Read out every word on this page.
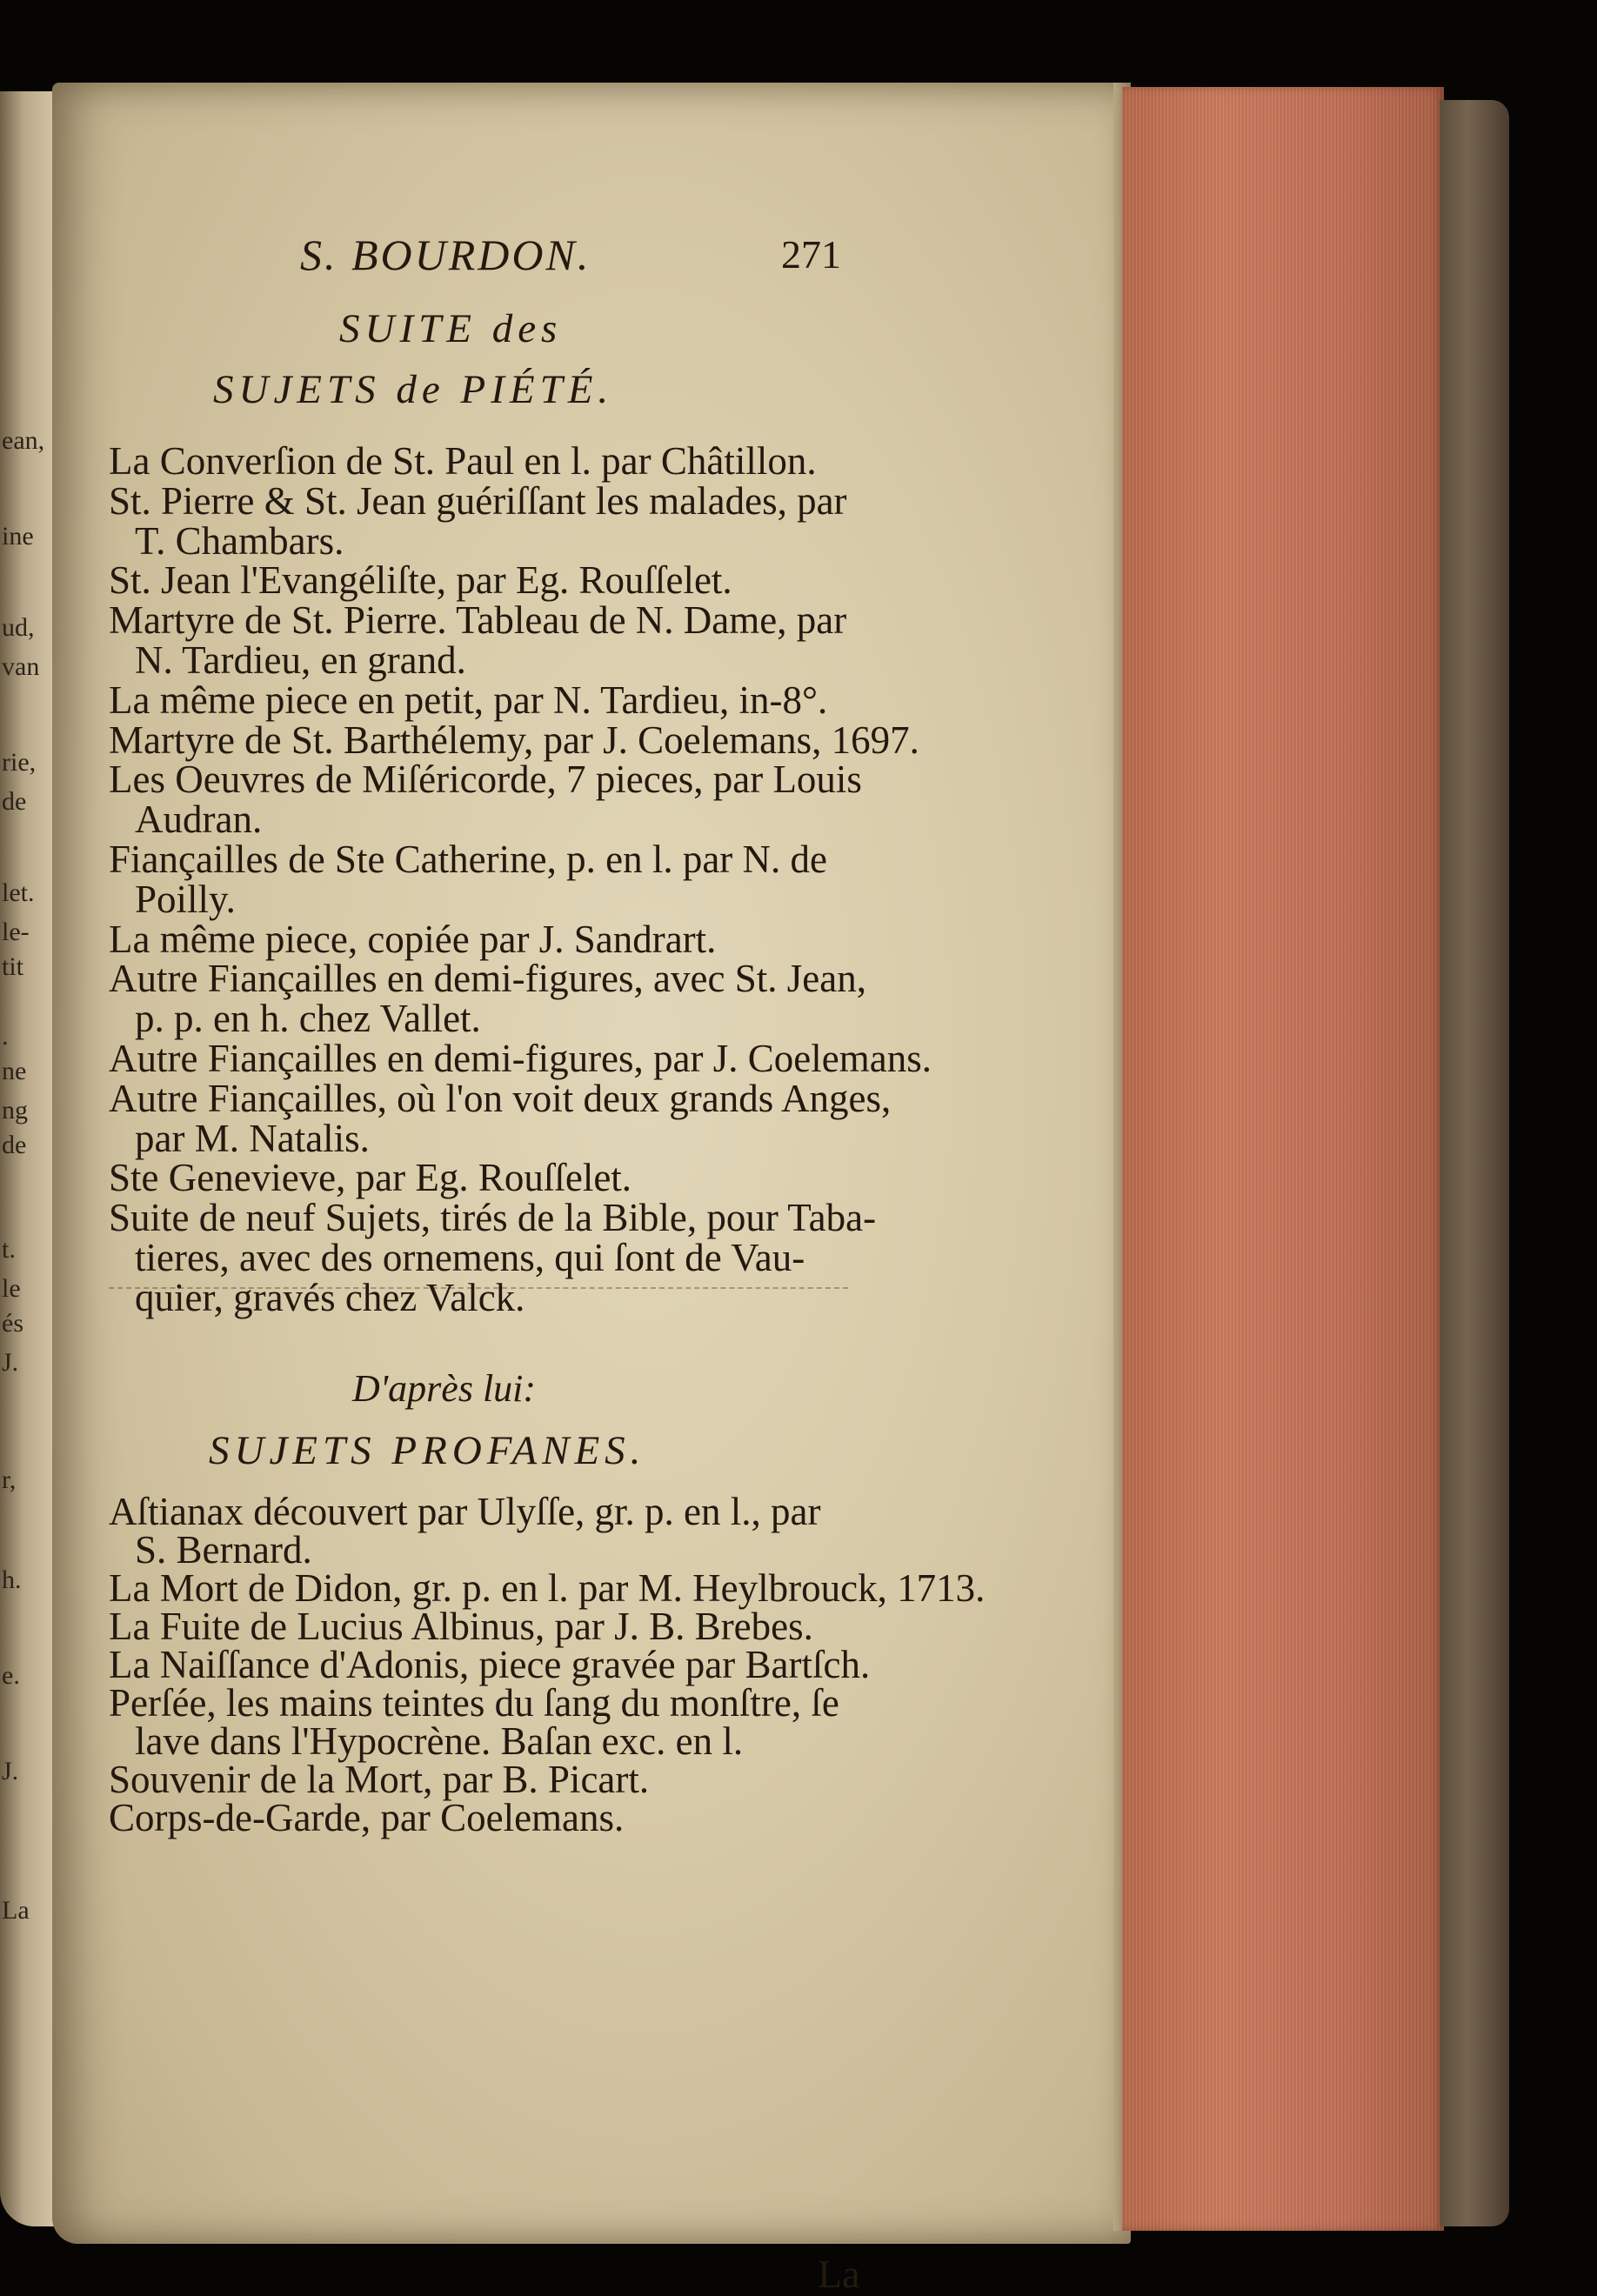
ean,
ine
ud,
van
rie,
de
let.
le-
tit
.
ne
ng
de
t.
le
és
J.
r,
h.
e.
J.
La
S. BOURDON.	271
SUITE des
SUJETS de PIÉTÉ.
D'après lui:
SUJETS PROFANES.
La
La Converſion de St. Paul en l. par Châtillon.
St. Pierre & St. Jean guériſſant les malades, par
T. Chambars.
St. Jean l'Evangéliſte, par Eg. Rouſſelet.
Martyre de St. Pierre. Tableau de N. Dame, par
N. Tardieu, en grand.
La même piece en petit, par N. Tardieu, in-8°.
Martyre de St. Barthélemy, par J. Coelemans, 1697.
Les Oeuvres de Miſéricorde, 7 pieces, par Louis
Audran.
Fiançailles de Ste Catherine, p. en l. par N. de
Poilly.
La même piece, copiée par J. Sandrart.
Autre Fiançailles en demi-figures, avec St. Jean,
p. p. en h. chez Vallet.
Autre Fiançailles en demi-figures, par J. Coelemans.
Autre Fiançailles, où l'on voit deux grands Anges,
par M. Natalis.
Ste Genevieve, par Eg. Rouſſelet.
Suite de neuf Sujets, tirés de la Bible, pour Taba-
tieres, avec des ornemens, qui ſont de Vau-
quier, gravés chez Valck.
Aſtianax découvert par Ulyſſe, gr. p. en l., par
S. Bernard.
La Mort de Didon, gr. p. en l. par M. Heylbrouck, 1713.
La Fuite de Lucius Albinus, par J. B. Brebes.
La Naiſſance d'Adonis, piece gravée par Bartſch.
Perſée, les mains teintes du ſang du monſtre, ſe
lave dans l'Hypocrène. Baſan exc. en l.
Souvenir de la Mort, par B. Picart.
Corps-de-Garde, par Coelemans.
